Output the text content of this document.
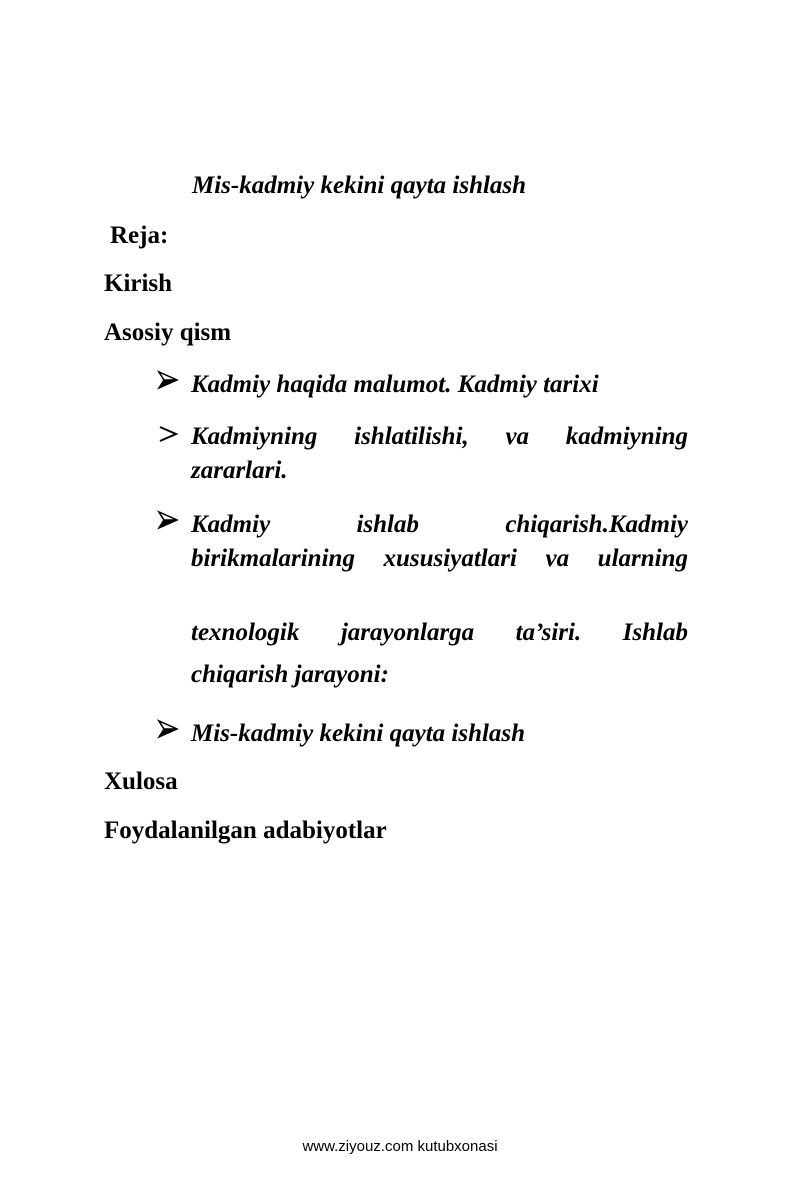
Mis-kadmiy kekini qayta ishlash
Reja:
Kirish
Asosiy qism
Kadmiy haqida malumot. Kadmiy tarixi
Kadmiyning ishlatilishi, va kadmiyning
zararlari.
Kadmiy ishlab chiqarish.Kadmiy
birikmalarining xususiyatlari va ularning
texnologik jarayonlarga ta’siri. Ishlab
chiqarish jarayoni:
Mis-kadmiy kekini qayta ishlash
Xulosa
Foydalanilgan adabiyotlar
www.ziyouz.com kutubxonasi
